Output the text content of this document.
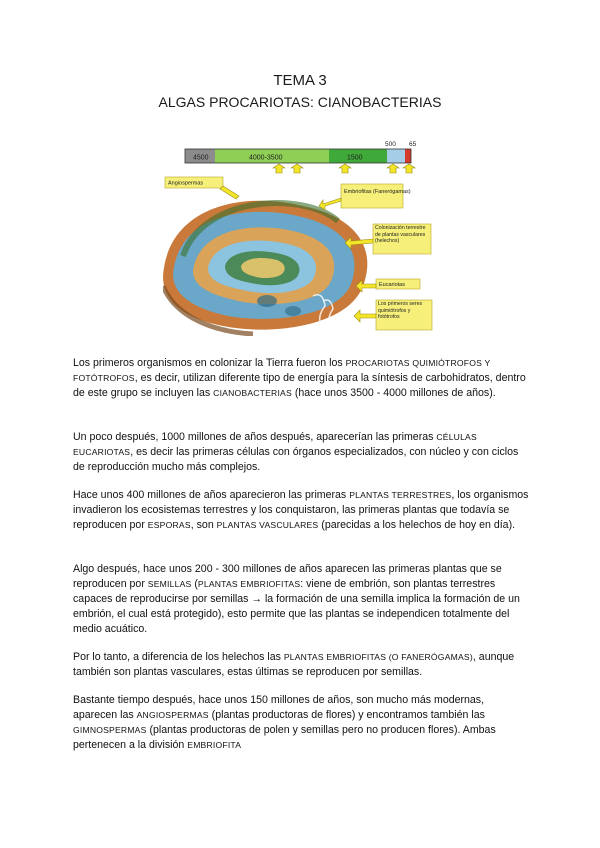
TEMA 3
ALGAS PROCARIOTAS: CIANOBACTERIAS
4500	4000-3500	1500
500 65
Angiospermas
Embriofitas (Fanerógamas)
Colonización terrestre de plantas vasculares (helechos)
Eucariotas
Los primeros seres quimiótrofos y fotótrofos

Los primeros organismos en colonizar la Tierra fueron los PROCARIOTAS QUIMIÓTROFOS Y FOTÓTROFOS, es decir, utilizan diferente tipo de energía para la síntesis de carbohidratos, dentro de este grupo se incluyen las CIANOBACTERIAS (hace unos 3500 - 4000 millones de años).

Un poco después, 1000 millones de años después, aparecerían las primeras CÉLULAS EUCARIOTAS, es decir las primeras células con órganos especializados, con núcleo y con ciclos de reproducción mucho más complejos.

Hace unos 400 millones de años aparecieron las primeras PLANTAS TERRESTRES, los organismos invadieron los ecosistemas terrestres y los conquistaron, las primeras plantas que todavía se reproducen por ESPORAS, son PLANTAS VASCULARES (parecidas a los helechos de hoy en día).

Algo después, hace unos 200 - 300 millones de años aparecen las primeras plantas que se reproducen por SEMILLAS (PLANTAS EMBRIOFITAS: viene de embrión, son plantas terrestres capaces de reproducirse por semillas → la formación de una semilla implica la formación de un embrión, el cual está protegido), esto permite que las plantas se independicen totalmente del medio acuático.

Por lo tanto, a diferencia de los helechos las PLANTAS EMBRIOFITAS (O FANERÓGAMAS), aunque también son plantas vasculares, estas últimas se reproducen por semillas.

Bastante tiempo después, hace unos 150 millones de años, son mucho más modernas, aparecen las ANGIOSPERMAS (plantas productoras de flores) y encontramos también las GIMNOSPERMAS (plantas productoras de polen y semillas pero no producen flores). Ambas pertenecen a la división EMBRIOFITA
